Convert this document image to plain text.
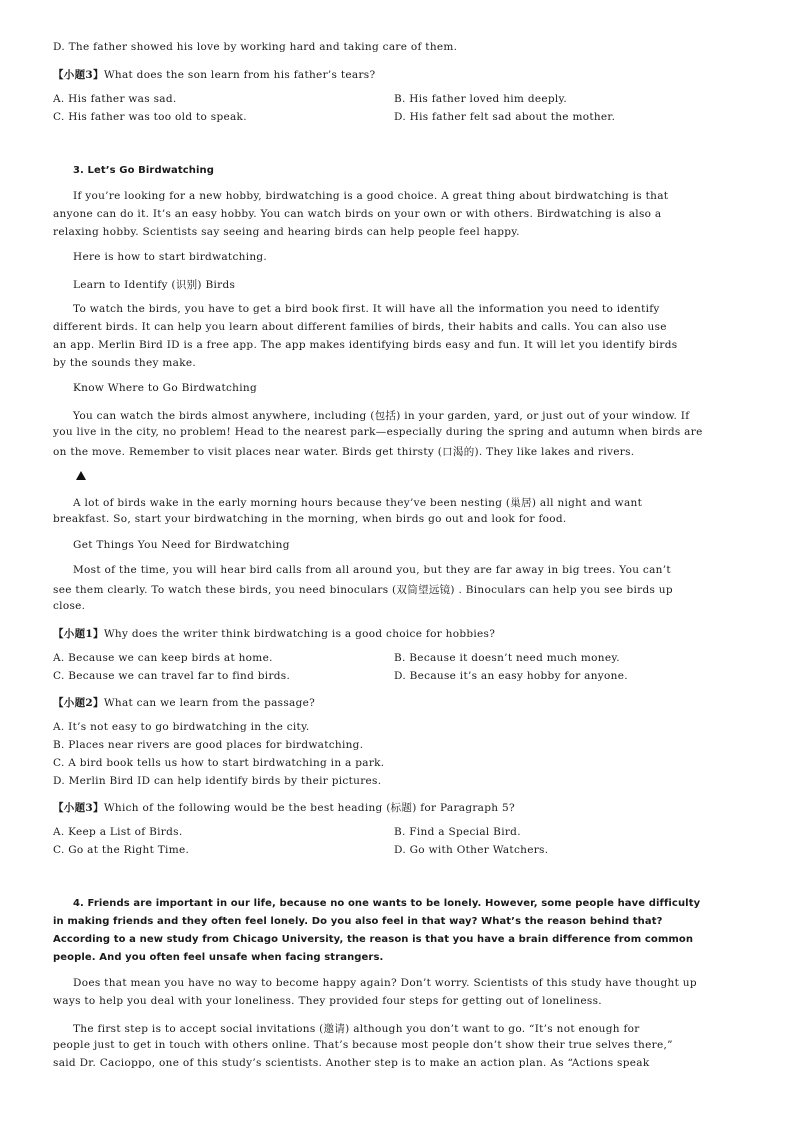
D. The father showed his love by working hard and taking care of them.
【小题3】What does the son learn from his father’s tears?
A. His father was sad.	B. His father loved him deeply.
C. His father was too old to speak.	D. His father felt sad about the mother.
3. Let’s Go Birdwatching
If you’re looking for a new hobby, birdwatching is a good choice. A great thing about birdwatching is that
anyone can do it. It’s an easy hobby. You can watch birds on your own or with others. Birdwatching is also a
relaxing hobby. Scientists say seeing and hearing birds can help people feel happy.
Here is how to start birdwatching.
Learn to Identify (识别) Birds
To watch the birds, you have to get a bird book first. It will have all the information you need to identify
different birds. It can help you learn about different families of birds, their habits and calls. You can also use
an app. Merlin Bird ID is a free app. The app makes identifying birds easy and fun. It will let you identify birds
by the sounds they make.
Know Where to Go Birdwatching
You can watch the birds almost anywhere, including (包括) in your garden, yard, or just out of your window. If
you live in the city, no problem! Head to the nearest park—especially during the spring and autumn when birds are
on the move. Remember to visit places near water. Birds get thirsty (口渴的). They like lakes and rivers.
A lot of birds wake in the early morning hours because they’ve been nesting (巢居) all night and want
breakfast. So, start your birdwatching in the morning, when birds go out and look for food.
Get Things You Need for Birdwatching
Most of the time, you will hear bird calls from all around you, but they are far away in big trees. You can’t
see them clearly. To watch these birds, you need binoculars (双筒望远镜) . Binoculars can help you see birds up
close.
【小题1】Why does the writer think birdwatching is a good choice for hobbies?
A. Because we can keep birds at home.	B. Because it doesn’t need much money.
C. Because we can travel far to find birds.	D. Because it’s an easy hobby for anyone.
【小题2】What can we learn from the passage?
A. It’s not easy to go birdwatching in the city.
B. Places near rivers are good places for birdwatching.
C. A bird book tells us how to start birdwatching in a park.
D. Merlin Bird ID can help identify birds by their pictures.
【小题3】Which of the following would be the best heading (标题) for Paragraph 5?
A. Keep a List of Birds.	B. Find a Special Bird.
C. Go at the Right Time.	D. Go with Other Watchers.
4. Friends are important in our life, because no one wants to be lonely. However, some people have difficulty
in making friends and they often feel lonely. Do you also feel in that way? What’s the reason behind that?
According to a new study from Chicago University, the reason is that you have a brain difference from common
people. And you often feel unsafe when facing strangers.
Does that mean you have no way to become happy again? Don’t worry. Scientists of this study have thought up
ways to help you deal with your loneliness. They provided four steps for getting out of loneliness.
The first step is to accept social invitations (邀请) although you don’t want to go. “It’s not enough for
people just to get in touch with others online. That’s because most people don’t show their true selves there,”
said Dr. Cacioppo, one of this study’s scientists. Another step is to make an action plan. As “Actions speak
